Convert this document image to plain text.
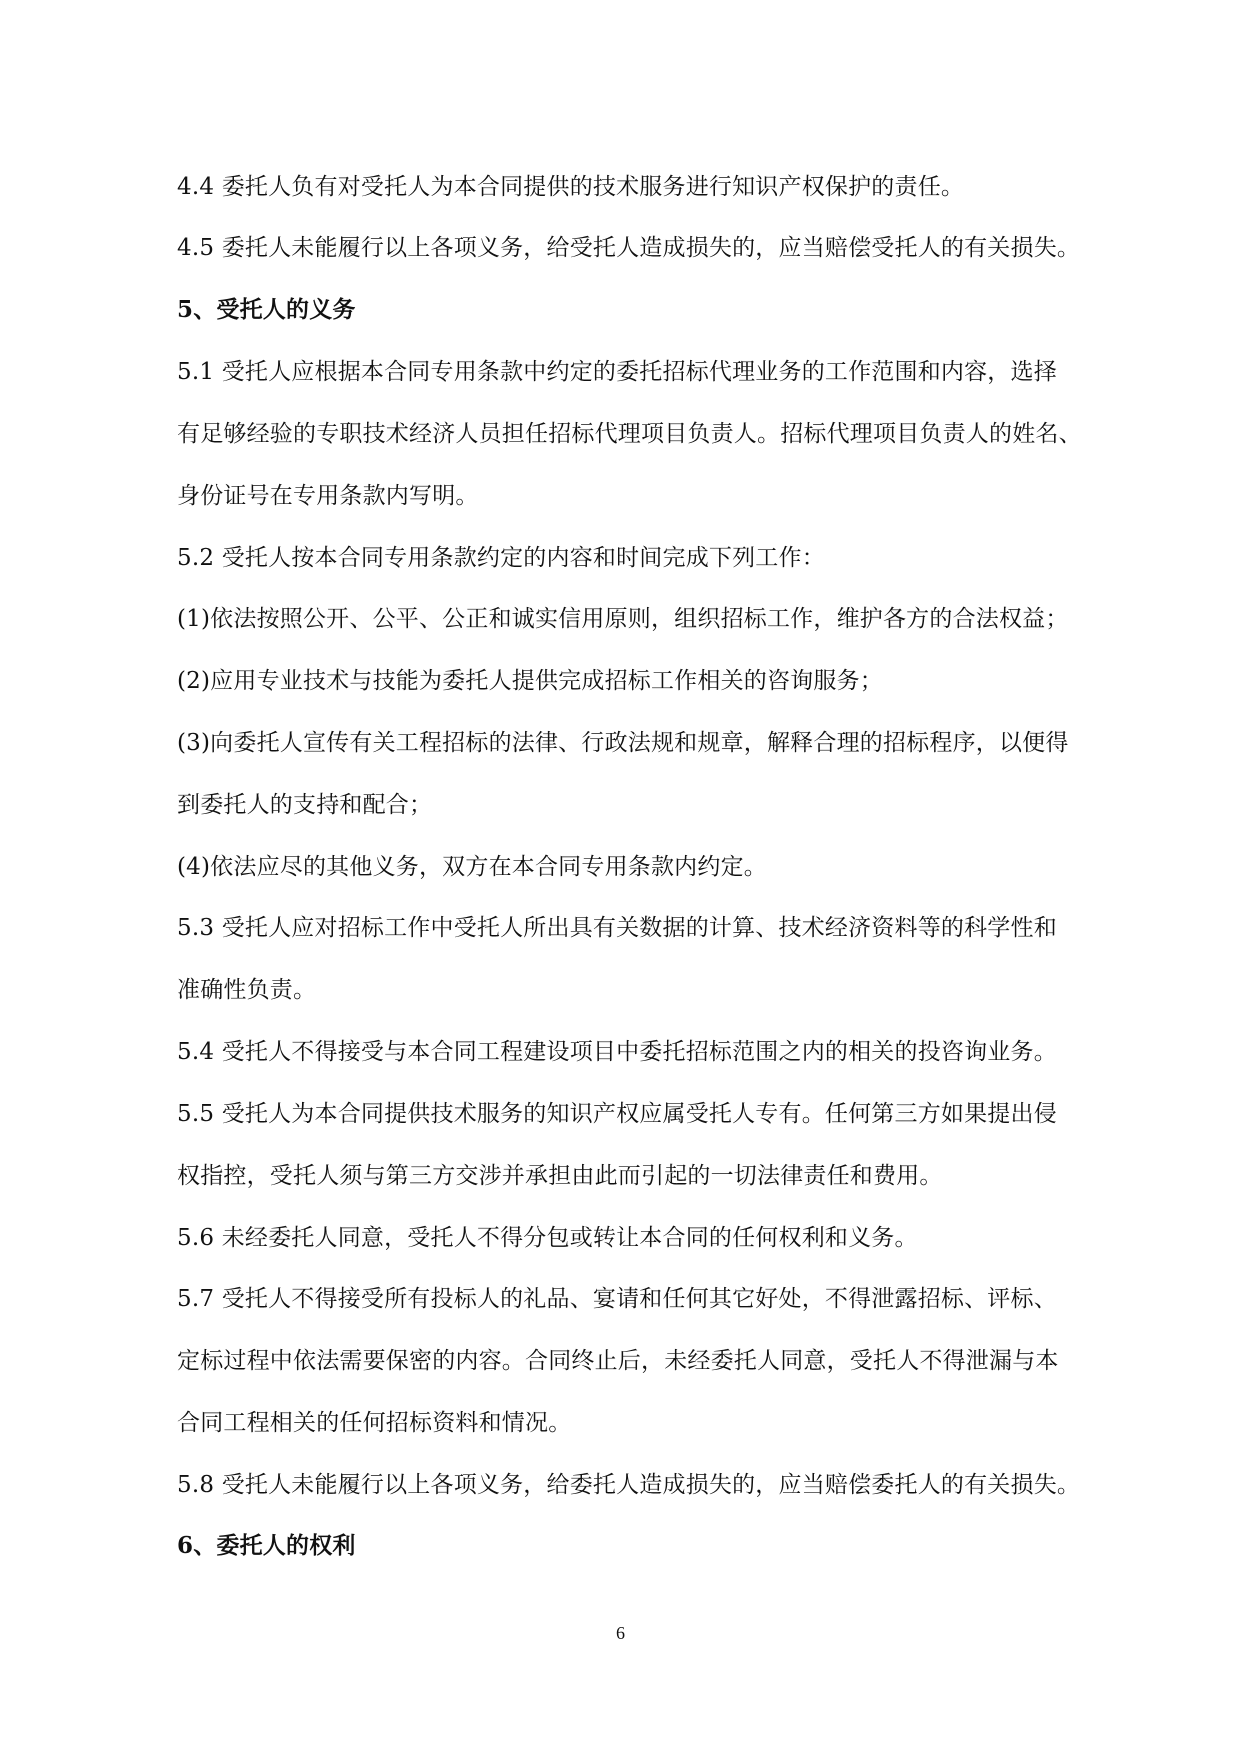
4.4 委托人负有对受托人为本合同提供的技术服务进行知识产权保护的责任。
4.5 委托人未能履行以上各项义务，给受托人造成损失的，应当赔偿受托人的有关损失。
5、受托人的义务
5.1 受托人应根据本合同专用条款中约定的委托招标代理业务的工作范围和内容，选择
有足够经验的专职技术经济人员担任招标代理项目负责人。招标代理项目负责人的姓名、
身份证号在专用条款内写明。
5.2 受托人按本合同专用条款约定的内容和时间完成下列工作：
(1)依法按照公开、公平、公正和诚实信用原则，组织招标工作，维护各方的合法权益；
(2)应用专业技术与技能为委托人提供完成招标工作相关的咨询服务；
(3)向委托人宣传有关工程招标的法律、行政法规和规章，解释合理的招标程序，以便得
到委托人的支持和配合；
(4)依法应尽的其他义务，双方在本合同专用条款内约定。
5.3 受托人应对招标工作中受托人所出具有关数据的计算、技术经济资料等的科学性和
准确性负责。
5.4 受托人不得接受与本合同工程建设项目中委托招标范围之内的相关的投咨询业务。
5.5 受托人为本合同提供技术服务的知识产权应属受托人专有。任何第三方如果提出侵
权指控，受托人须与第三方交涉并承担由此而引起的一切法律责任和费用。
5.6 未经委托人同意，受托人不得分包或转让本合同的任何权利和义务。
5.7 受托人不得接受所有投标人的礼品、宴请和任何其它好处，不得泄露招标、评标、
定标过程中依法需要保密的内容。合同终止后，未经委托人同意，受托人不得泄漏与本
合同工程相关的任何招标资料和情况。
5.8 受托人未能履行以上各项义务，给委托人造成损失的，应当赔偿委托人的有关损失。
6、委托人的权利
6
